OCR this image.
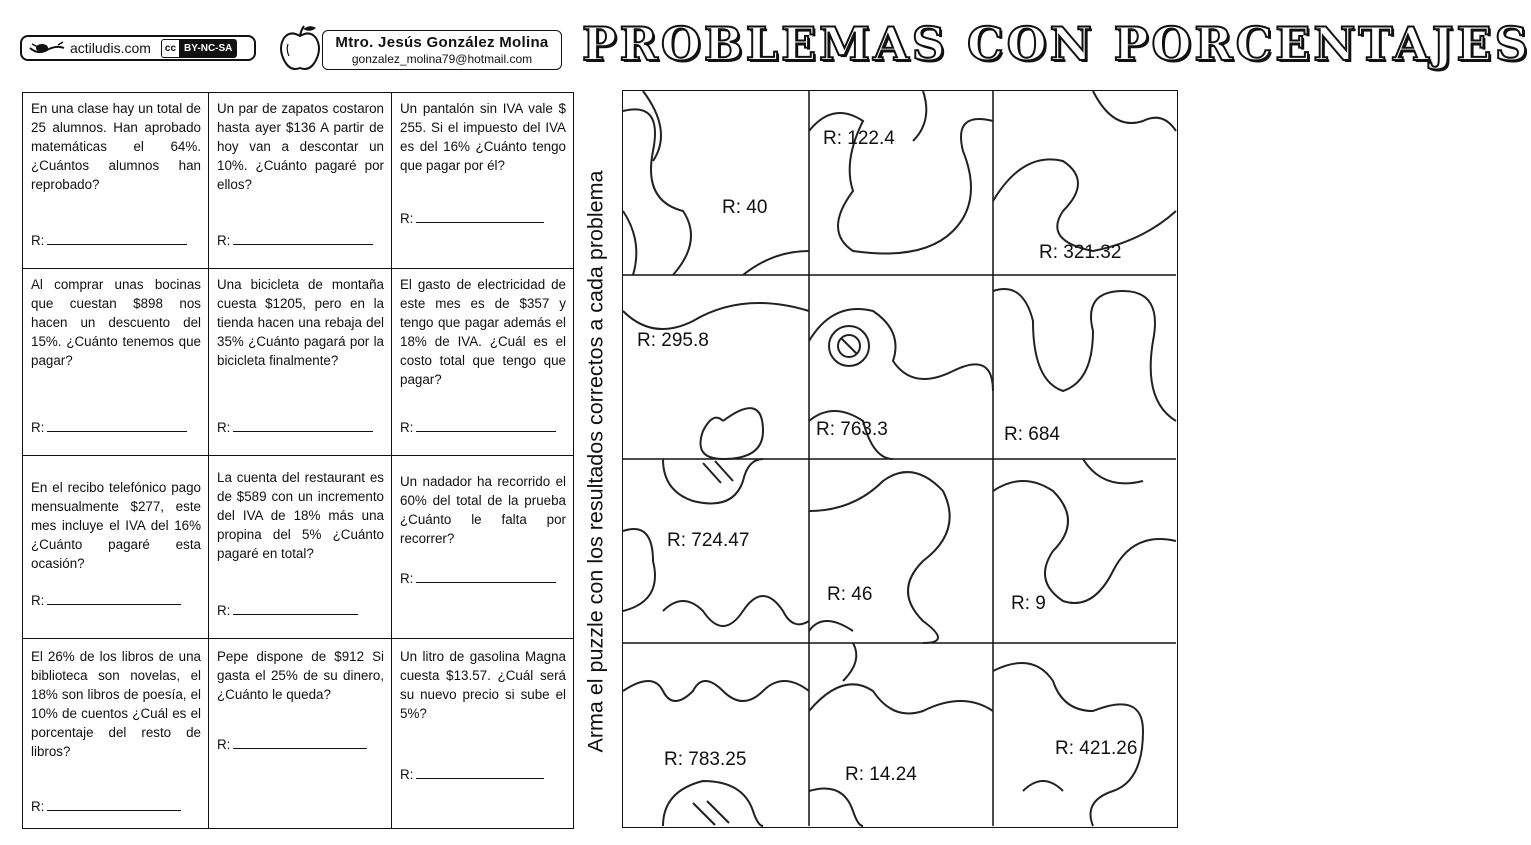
actiludis.com	cc BY-NC-SA	Mtro. Jesús González Molina
gonzalez_molina79@hotmail.com	PROBLEMAS CON PORCENTAJES
En una clase hay un total de 25 alumnos. Han aprobado matemáticas el 64%. ¿Cuántos alumnos han reprobado?
R:	Un par de zapatos costaron hasta ayer $136 A partir de hoy van a descontar un 10%. ¿Cuánto pagaré por ellos?
R:	Un pantalón sin IVA vale $ 255. Si el impuesto del IVA es del 16% ¿Cuánto tengo que pagar por él?
R:

Al comprar unas bocinas que cuestan $898 nos hacen un descuento del 15%. ¿Cuánto tenemos que pagar?
R:	Una bicicleta de montaña cuesta $1205, pero en la tienda hacen una rebaja del 35% ¿Cuánto pagará por la bicicleta finalmente?
R:	El gasto de electricidad de este mes es de $357 y tengo que pagar además el 18% de IVA. ¿Cuál es el costo total que tengo que pagar?
R:

En el recibo telefónico pago mensualmente $277, este mes incluye el IVA del 16% ¿Cuánto pagaré esta ocasión?
R:	La cuenta del restaurant es de $589 con un incremento del IVA de 18% más una propina del 5% ¿Cuánto pagaré en total?
R:	Un nadador ha recorrido el 60% del total de la prueba ¿Cuánto le falta por recorrer?
R:

El 26% de los libros de una biblioteca son novelas, el 18% son libros de poesía, el 10% de cuentos ¿Cuál es el porcentaje del resto de libros?
R:	Pepe dispone de $912 Si gasta el 25% de su dinero, ¿Cuánto le queda?
R:	Un litro de gasolina Magna cuesta $13.57. ¿Cuál será su nuevo precio si sube el 5%?
R:
Arma el puzzle con los resultados correctos a cada problema	R: 40
R: 122.4
R: 321.32
R: 295.8
R: 763.3	R: 684
R: 724.47
R: 46	R: 9
R: 783.25
R: 14.24
R: 421.26
